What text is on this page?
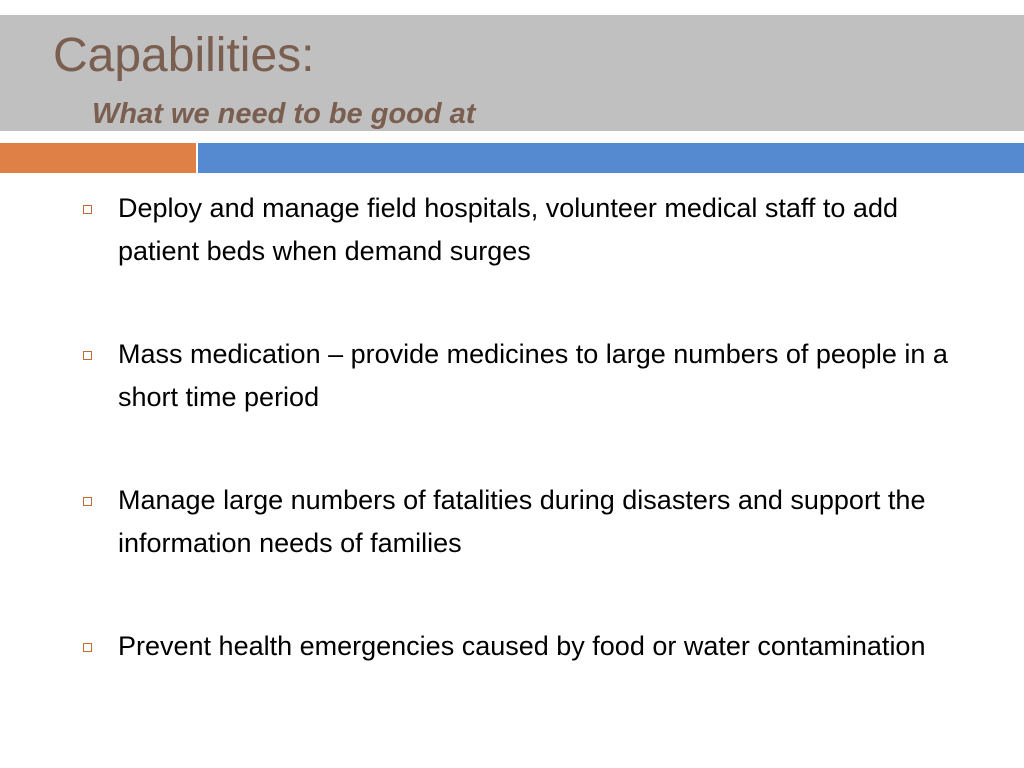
Capabilities:
What we need to be good at
Deploy and manage field hospitals, volunteer medical staff to add patient beds when demand surges
Mass medication – provide medicines to large numbers of people in a short time period
Manage large numbers of fatalities during disasters and support the information needs of families
Prevent health emergencies caused by food or water contamination
